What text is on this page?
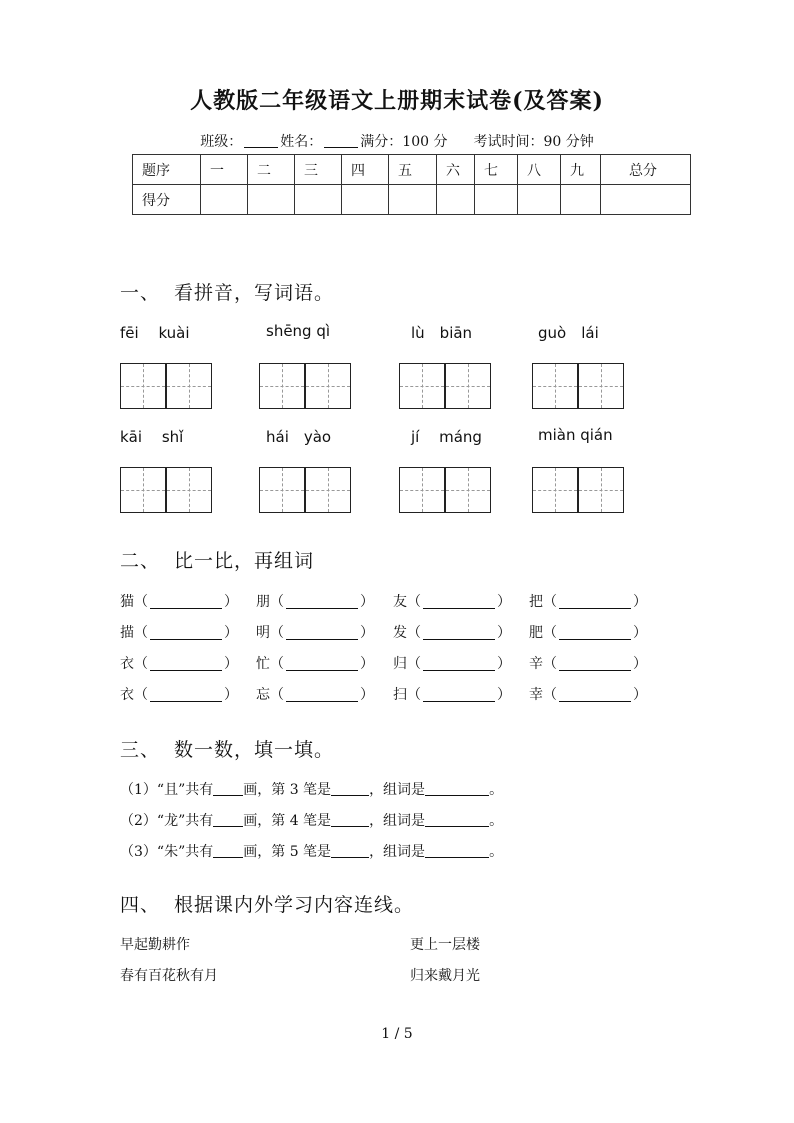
人教版二年级语文上册期末试卷(及答案)
班级：	姓名：	满分：100 分 考试时间：90 分钟
题序	一	二	三	四	五	六	七	八	九	总分
得分										
一、 看拼音，写词语。
fēi　 kuài	shēng qì	lù　biān	guò　lái
kāi　 shǐ	hái　yào	jí　 máng	miàn qián
二、 比一比，再组词
猫（	） 朋（	） 友（	） 把（	）
描（	） 明（	） 发（	） 肥（	）
衣（	） 忙（	） 归（	） 辛（	）
衣（	） 忘（	） 扫（	） 幸（	）
三、 数一数，填一填。
（1）“且”共有 画，第 3 笔是	，组词是	。
（2）“龙”共有 画，第 4 笔是	，组词是	。
（3）“朱”共有 画，第 5 笔是	，组词是	。
四、 根据课内外学习内容连线。
早起勤耕作	更上一层楼
春有百花秋有月	归来戴月光
1 / 5
